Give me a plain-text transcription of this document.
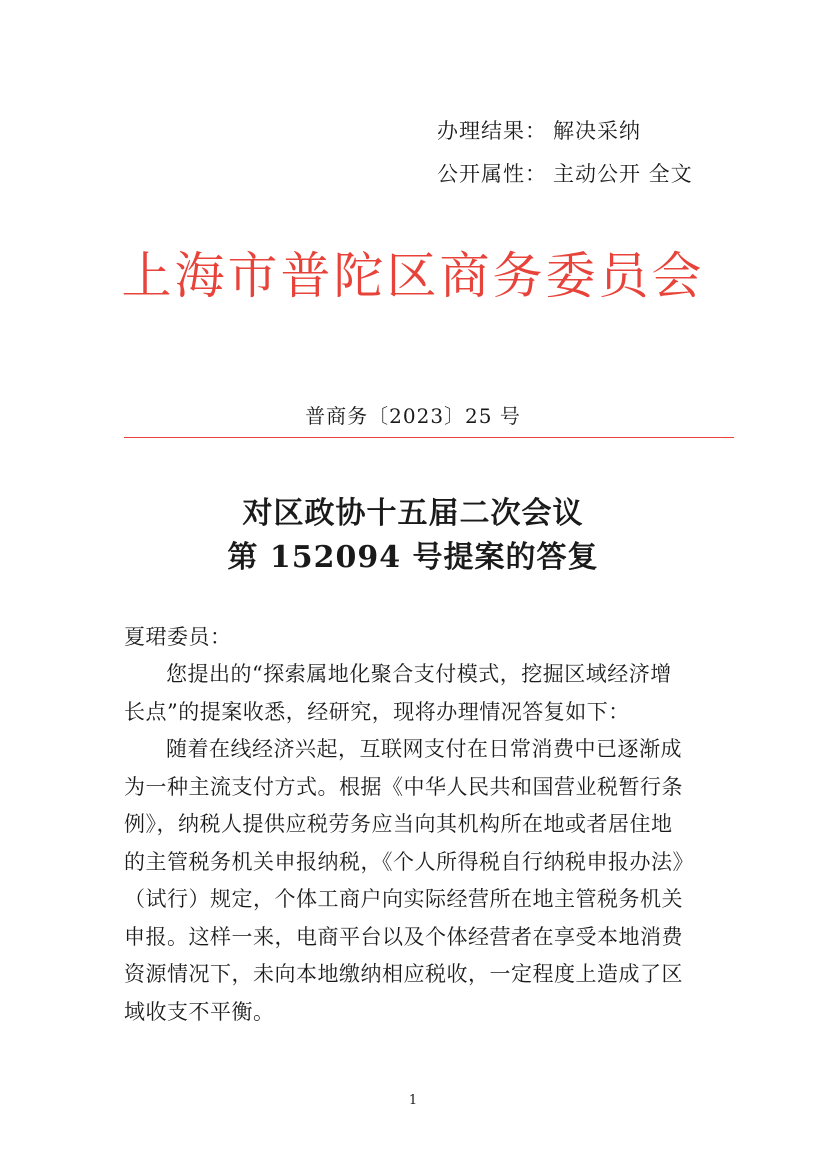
办理结果： 解决采纳
公开属性： 主动公开 全文
上海市普陀区商务委员会
普商务〔2023〕25 号
对区政协十五届二次会议
第 152094 号提案的答复
夏珺委员：
您提出的“探索属地化聚合支付模式，挖掘区域经济增
长点”的提案收悉，经研究，现将办理情况答复如下：
随着在线经济兴起，互联网支付在日常消费中已逐渐成
为一种主流支付方式。根据《中华人民共和国营业税暂行条
例》，纳税人提供应税劳务应当向其机构所在地或者居住地
的主管税务机关申报纳税，《个人所得税自行纳税申报办法》
（试行）规定，个体工商户向实际经营所在地主管税务机关
申报。这样一来，电商平台以及个体经营者在享受本地消费
资源情况下，未向本地缴纳相应税收，一定程度上造成了区
域收支不平衡。
1
